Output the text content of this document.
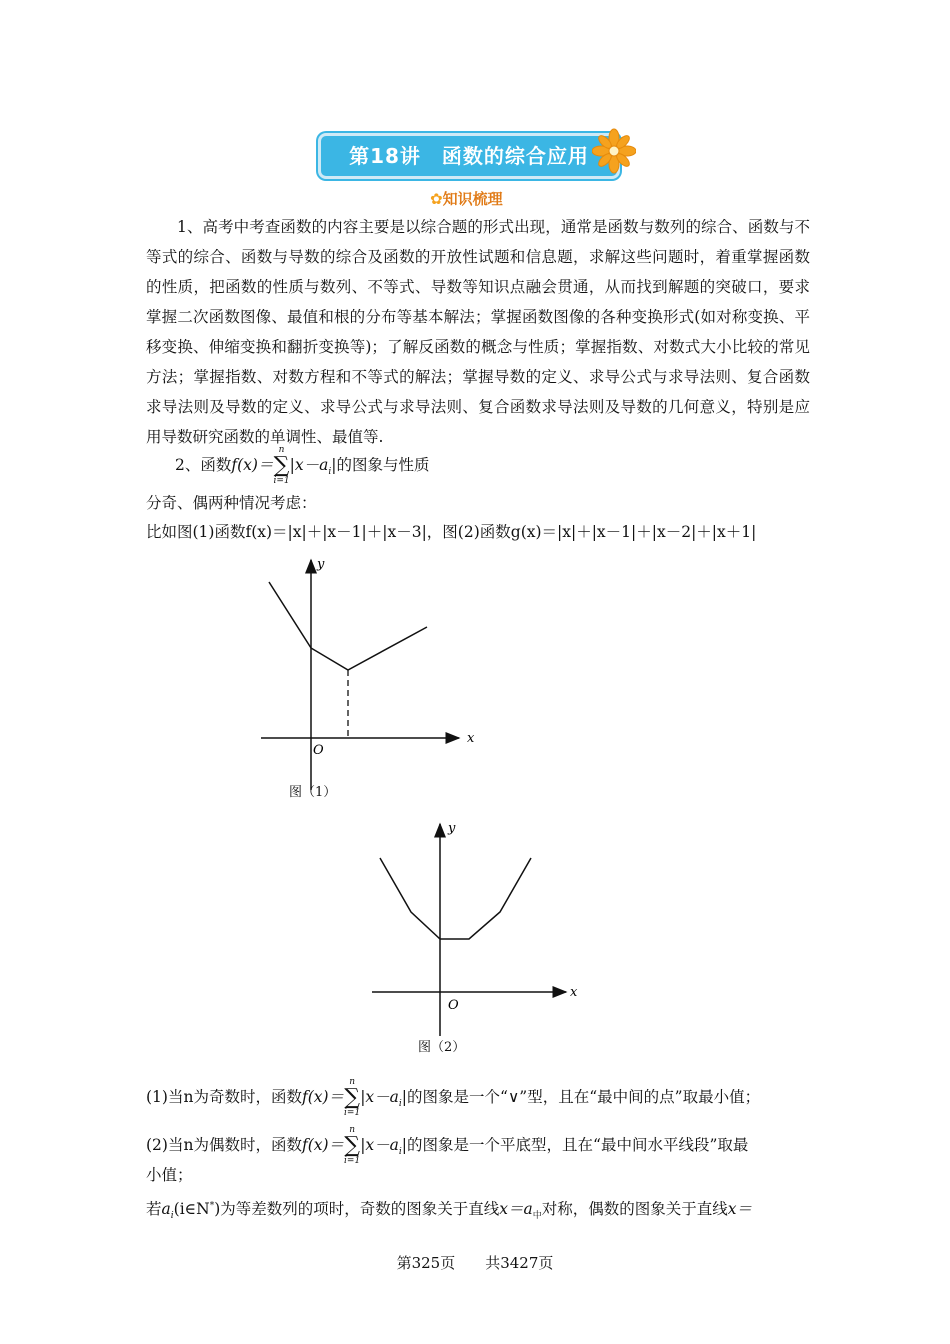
第18讲　函数的综合应用
✿知识梳理
1、高考中考查函数的内容主要是以综合题的形式出现，通常是函数与数列的综合、函数与不等式的综合、函数与导数的综合及函数的开放性试题和信息题，求解这些问题时，着重掌握函数的性质，把函数的性质与数列、不等式、导数等知识点融会贯通，从而找到解题的突破口，要求掌握二次函数图像、最值和根的分布等基本解法；掌握函数图像的各种变换形式(如对称变换、平移变换、伸缩变换和翻折变换等)；了解反函数的概念与性质；掌握指数、对数式大小比较的常见方法；掌握指数、对数方程和不等式的解法；掌握导数的定义、求导公式与求导法则、复合函数求导法则及导数的定义、求导公式与求导法则、复合函数求导法则及导数的几何意义，特别是应用导数研究函数的单调性、最值等.
2、函数f(x)＝
n
∑
i=1
$|x-a_i|$的图象与性质
分奇、偶两种情况考虑：
比如图(1)函数f(x)＝|x|＋|x－1|＋|x－3|，图(2)函数g(x)＝|x|＋|x－1|＋|x－2|＋|x＋1|
y
x
O
图（1）
y
x
O
图（2）
(1)当n为奇数时，函数f(x)＝
n
∑
i=1
$|x-a_i|$的图象是一个“∨”型，且在“最中间的点”取最小值；
(2)当n为偶数时，函数f(x)＝
n
∑
i=1
$|x-a_i|$的图象是一个平底型，且在“最中间水平线段”取最
小值；
若$a_i(i\in N^*)$为等差数列的项时，奇数的图象关于直线$x=a_中$对称，偶数的图象关于直线x＝
第325页　　共3427页
